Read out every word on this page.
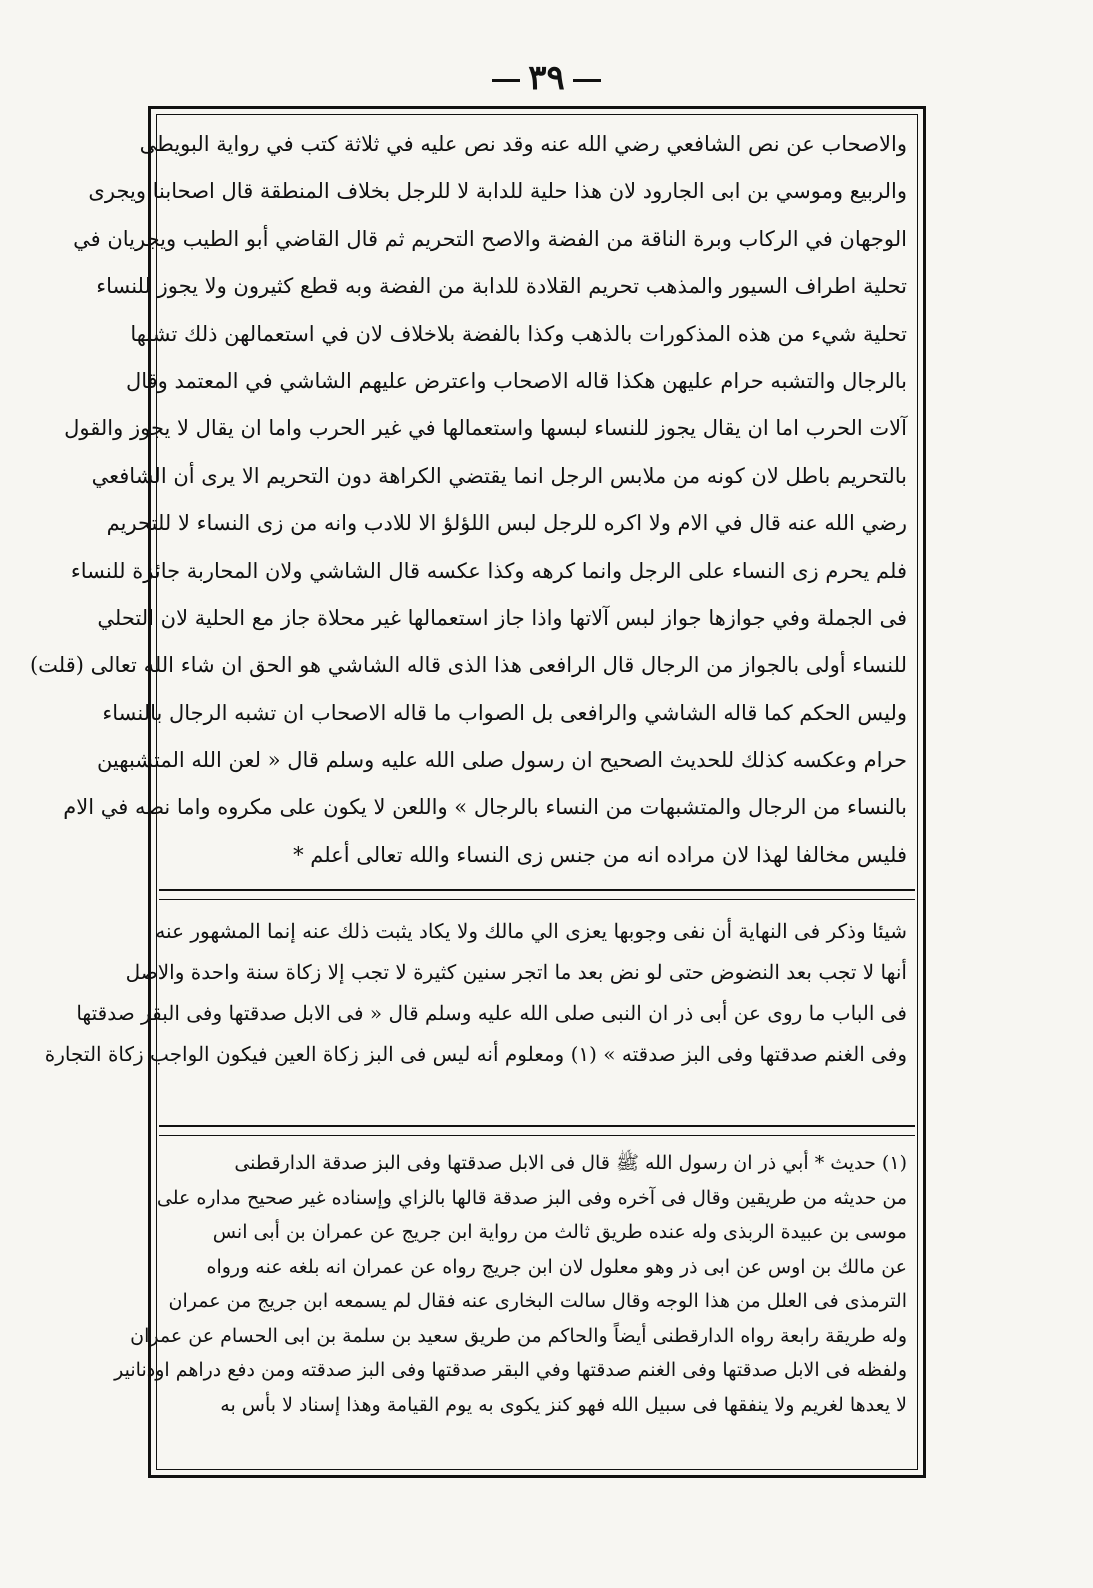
٣٩
والاصحاب عن نص الشافعي رضي الله عنه وقد نص عليه في ثلاثة كتب في رواية البويطى
والربيع وموسي بن ابى الجارود لان هذا حلية للدابة لا للرجل بخلاف المنطقة قال اصحابنا ويجرى
الوجهان في الركاب وبرة الناقة من الفضة والاصح التحريم ثم قال القاضي أبو الطيب ويجريان في
تحلية اطراف السيور والمذهب تحريم القلادة للدابة من الفضة وبه قطع كثيرون ولا يجوز للنساء
تحلية شيء من هذه المذكورات بالذهب وكذا بالفضة بلاخلاف لان في استعمالهن ذلك تشبها
بالرجال والتشبه حرام عليهن هكذا قاله الاصحاب واعترض عليهم الشاشي في المعتمد وقال
آلات الحرب اما ان يقال يجوز للنساء لبسها واستعمالها في غير الحرب واما ان يقال لا يجوز والقول
بالتحريم باطل لان كونه من ملابس الرجل انما يقتضي الكراهة دون التحريم الا يرى أن الشافعي
رضي الله عنه قال في الام ولا اكره للرجل لبس اللؤلؤ الا للادب وانه من زى النساء لا للتحريم
فلم يحرم زى النساء على الرجل وانما كرهه وكذا عكسه قال الشاشي ولان المحاربة جائزة للنساء
فى الجملة وفي جوازها جواز لبس آلاتها واذا جاز استعمالها غير محلاة جاز مع الحلية لان التحلي
للنساء أولى بالجواز من الرجال قال الرافعى هذا الذى قاله الشاشي هو الحق ان شاء الله تعالى (قلت)
وليس الحكم كما قاله الشاشي والرافعى بل الصواب ما قاله الاصحاب ان تشبه الرجال بالنساء
حرام وعكسه كذلك للحديث الصحيح ان رسول صلى الله عليه وسلم قال « لعن الله المتشبهين
بالنساء من الرجال والمتشبهات من النساء بالرجال » واللعن لا يكون على مكروه واما نصه في الام
فليس مخالفا لهذا لان مراده انه من جنس زى النساء والله تعالى أعلم *
شيئا وذكر فى النهاية أن نفى وجوبها يعزى الي مالك ولا يكاد يثبت ذلك عنه إنما المشهور عنه
أنها لا تجب بعد النضوض حتى لو نض بعد ما اتجر سنين كثيرة لا تجب إلا زكاة سنة واحدة والاصل
فى الباب ما روى عن أبى ذر ان النبى صلى الله عليه وسلم قال « فى الابل صدقتها وفى البقر صدقتها
وفى الغنم صدقتها وفى البز صدقته » (١) ومعلوم أنه ليس فى البز زكاة العين فيكون الواجب زكاة التجارة
(١) حديث * أبي ذر ان رسول الله ﷺ قال فى الابل صدقتها وفى البز صدقة الدارقطنى
من حديثه من طريقين وقال فى آخره وفى البز صدقة قالها بالزاي وإسناده غير صحيح مداره على
موسى بن عبيدة الربذى وله عنده طريق ثالث من رواية ابن جريج عن عمران بن أبى انس
عن مالك بن اوس عن ابى ذر وهو معلول لان ابن جريج رواه عن عمران انه بلغه عنه ورواه
الترمذى فى العلل من هذا الوجه وقال سالت البخارى عنه فقال لم يسمعه ابن جريج من عمران
وله طريقة رابعة رواه الدارقطنى أيضاً والحاكم من طريق سعيد بن سلمة بن ابى الحسام عن عمران
ولفظه فى الابل صدقتها وفى الغنم صدقتها وفي البقر صدقتها وفى البز صدقته ومن دفع دراهم اودنانير
لا يعدها لغريم ولا ينفقها فى سبيل الله فهو كنز يكوى به يوم القيامة وهذا إسناد لا بأس به
